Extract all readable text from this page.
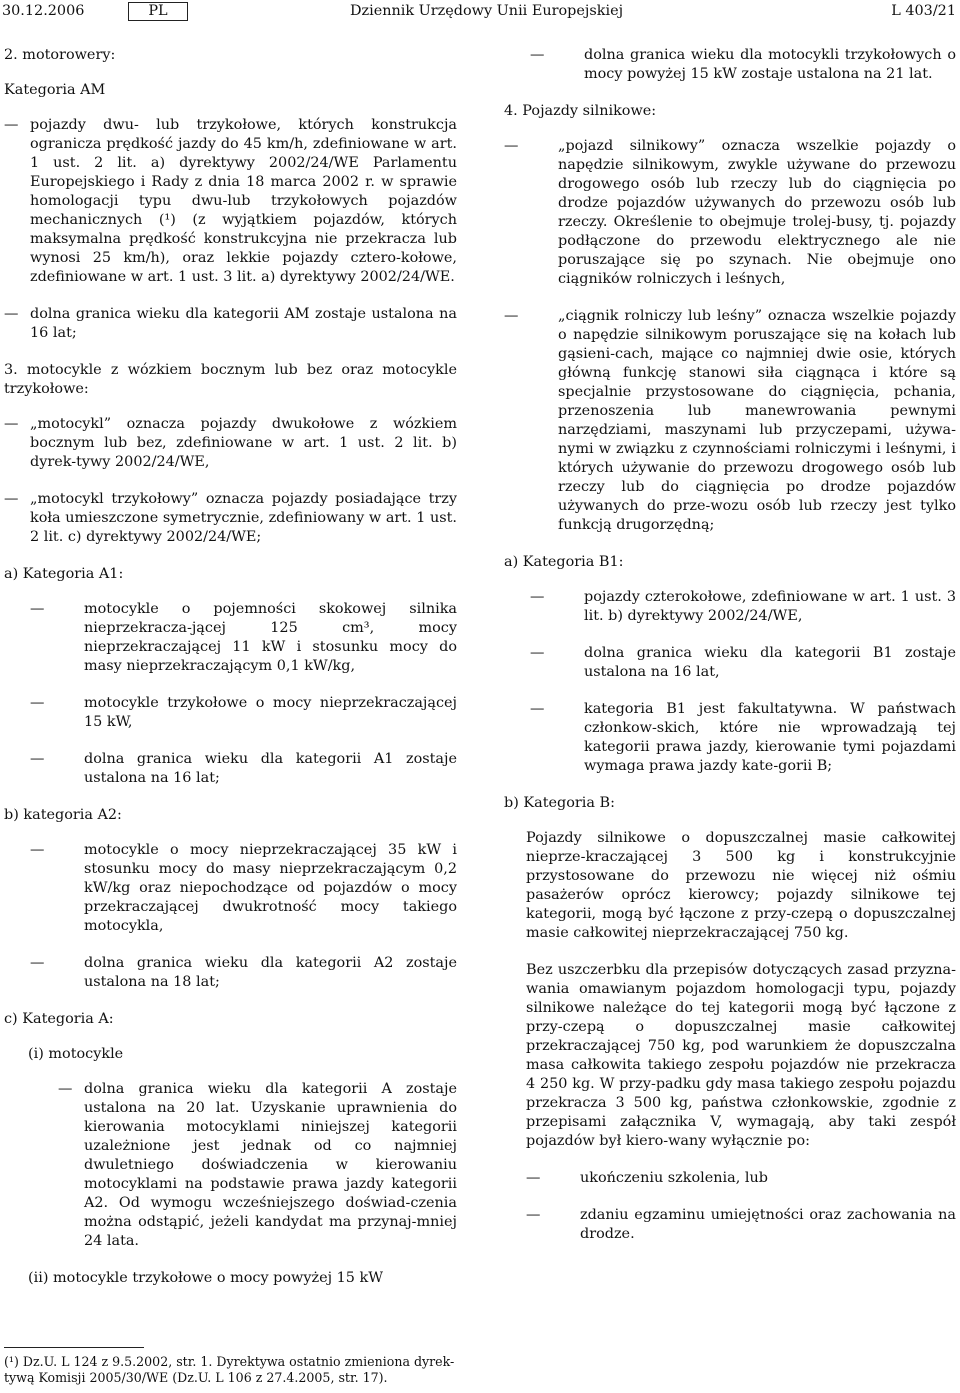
30.12.2006	PL	Dziennik Urzędowy Unii Europejskiej	L 403/21

2. motorowery:

Kategoria AM

— pojazdy dwu- lub trzykołowe, których konstrukcja ogranicza prędkość jazdy do 45 km/h, zdefiniowane w art. 1 ust. 2 lit. a) dyrektywy 2002/24/WE Parlamentu Europejskiego i Rady z dnia 18 marca 2002 r. w sprawie homologacji typu dwu-lub trzykołowych pojazdów mechanicznych (¹) (z wyjątkiem pojazdów, których maksymalna prędkość konstrukcyjna nie przekracza lub wynosi 25 km/h), oraz lekkie pojazdy cztero-kołowe, zdefiniowane w art. 1 ust. 3 lit. a) dyrektywy 2002/24/WE.
— dolna granica wieku dla kategorii AM zostaje ustalona na 16 lat;

3. motocykle z wózkiem bocznym lub bez oraz motocykle trzykołowe:

— „motocykl” oznacza pojazdy dwukołowe z wózkiem bocznym lub bez, zdefiniowane w art. 1 ust. 2 lit. b) dyrek-tywy 2002/24/WE,
— „motocykl trzykołowy” oznacza pojazdy posiadające trzy koła umieszczone symetrycznie, zdefiniowany w art. 1 ust. 2 lit. c) dyrektywy 2002/24/WE;

a) Kategoria A1:

— motocykle o pojemności skokowej silnika nieprzekracza-jącej 125 cm³, mocy nieprzekraczającej 11 kW i stosunku mocy do masy nieprzekraczającym 0,1 kW/kg,
— motocykle trzykołowe o mocy nieprzekraczającej 15 kW,
— dolna granica wieku dla kategorii A1 zostaje ustalona na 16 lat;

b) kategoria A2:

— motocykle o mocy nieprzekraczającej 35 kW i stosunku mocy do masy nieprzekraczającym 0,2 kW/kg oraz niepochodzące od pojazdów o mocy przekraczającej dwukrotność mocy takiego motocykla,
— dolna granica wieku dla kategorii A2 zostaje ustalona na 18 lat;

c) Kategoria A:

(i) motocykle

— dolna granica wieku dla kategorii A zostaje ustalona na 20 lat. Uzyskanie uprawnienia do kierowania motocyklami niniejszej kategorii uzależnione jest jednak od co najmniej dwuletniego doświadczenia w kierowaniu motocyklami na podstawie prawa jazdy kategorii A2. Od wymogu wcześniejszego doświad-czenia można odstąpić, jeżeli kandydat ma przynaj-mniej 24 lata.

(ii) motocykle trzykołowe o mocy powyżej 15 kW

(¹) Dz.U. L 124 z 9.5.2002, str. 1. Dyrektywa ostatnio zmieniona dyrek-tywą Komisji 2005/30/WE (Dz.U. L 106 z 27.4.2005, str. 17).
— dolna granica wieku dla motocykli trzykołowych o mocy powyżej 15 kW zostaje ustalona na 21 lat.

4. Pojazdy silnikowe:

— „pojazd silnikowy” oznacza wszelkie pojazdy o napędzie silnikowym, zwykle używane do przewozu drogowego osób lub rzeczy lub do ciągnięcia po drodze pojazdów używanych do przewozu osób lub rzeczy. Określenie to obejmuje trolej-busy, tj. pojazdy podłączone do przewodu elektrycznego ale nie poruszające się po szynach. Nie obejmuje ono ciągników rolniczych i leśnych,
— „ciągnik rolniczy lub leśny” oznacza wszelkie pojazdy o napędzie silnikowym poruszające się na kołach lub gąsieni-cach, mające co najmniej dwie osie, których główną funkcję stanowi siła ciągnąca i które są specjalnie przystosowane do ciągnięcia, pchania, przenoszenia lub manewrowania pewnymi narzędziami, maszynami lub przyczepami, używa-nymi w związku z czynnościami rolniczymi i leśnymi, i których używanie do przewozu drogowego osób lub rzeczy lub do ciągnięcia po drodze pojazdów używanych do prze-wozu osób lub rzeczy jest tylko funkcją drugorzędną;

a) Kategoria B1:

— pojazdy czterokołowe, zdefiniowane w art. 1 ust. 3 lit. b) dyrektywy 2002/24/WE,
— dolna granica wieku dla kategorii B1 zostaje ustalona na 16 lat,
— kategoria B1 jest fakultatywna. W państwach członkow-skich, które nie wprowadzają tej kategorii prawa jazdy, kierowanie tymi pojazdami wymaga prawa jazdy kate-gorii B;

b) Kategoria B:

Pojazdy silnikowe o dopuszczalnej masie całkowitej nieprze-kraczającej 3 500 kg i konstrukcyjnie przystosowane do przewozu nie więcej niż ośmiu pasażerów oprócz kierowcy; pojazdy silnikowe tej kategorii, mogą być łączone z przy-czepą o dopuszczalnej masie całkowitej nieprzekraczającej 750 kg.

Bez uszczerbku dla przepisów dotyczących zasad przyzna-wania omawianym pojazdom homologacji typu, pojazdy silnikowe należące do tej kategorii mogą być łączone z przy-czepą o dopuszczalnej masie całkowitej przekraczającej 750 kg, pod warunkiem że dopuszczalna masa całkowita takiego zespołu pojazdów nie przekracza 4 250 kg. W przy-padku gdy masa takiego zespołu pojazdu przekracza 3 500 kg, państwa członkowskie, zgodnie z przepisami załącznika V, wymagają, aby taki zespół pojazdów był kiero-wany wyłącznie po:

— ukończeniu szkolenia, lub
— zdaniu egzaminu umiejętności oraz zachowania na drodze.
